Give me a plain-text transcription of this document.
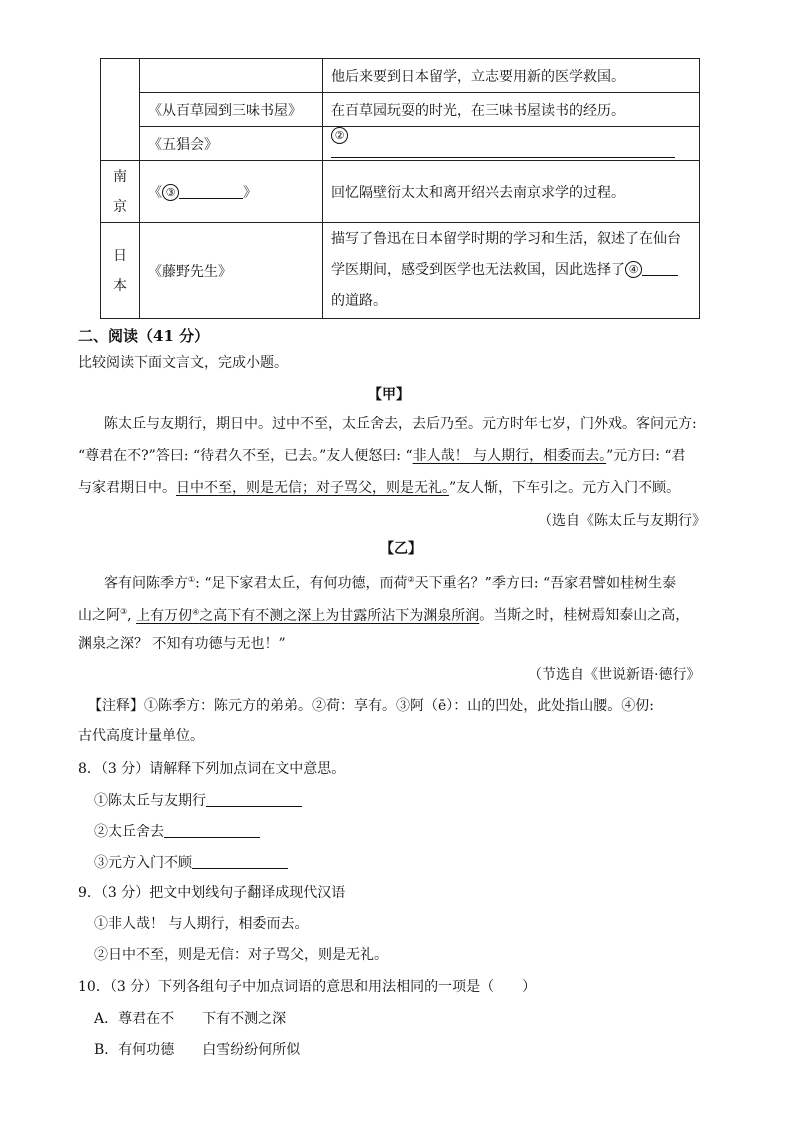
		他后来要到日本留学，立志要用新的医学救国。
	《从百草园到三味书屋》	在百草园玩耍的时光，在三味书屋读书的经历。
	《五猖会》	②

南京	《 ③ 》	回忆隔壁衍太太和离开绍兴去南京求学的过程。

日本	《藤野先生》	描写了鲁迅在日本留学时期的学习和生活，叙述了在仙台
学医期间，感受到医学也无法救国，因此选择了 ④
的道路。
二、阅读（41 分）
比较阅读下面文言文，完成小题。
【甲】
陈太丘与友期行，期日中。过中不至，太丘舍去，去后乃至。元方时年七岁，门外戏。客问元方:
“尊君在不?”答曰: “待君久不至，已去。”友人便怒曰: “非人哉！ 与人期行，相委而去。”元方曰: “君
与家君期日中。日中不至，则是无信；对子骂父，则是无礼。”友人惭，下车引之。元方入门不顾。
（选自《陈太丘与友期行》
【乙】
客有问陈季方①: “足下家君太丘，有何功德，而荷②天下重名？”季方曰: “吾家君譬如桂树生泰
山之阿③, 上有万仞④之高下有不测之深上为甘露所沾下为渊泉所润。当斯之时，桂树焉知泰山之高，
渊泉之深？ 不知有功德与无也！”
（节选自《世说新语·德行》
【注释】①陈季方：陈元方的弟弟。②荷：享有。③阿（ē）：山的凹处，此处指山腰。④仞:
古代高度计量单位。
8．（3 分）请解释下列加点词在文中意思。
①陈太丘与友期行
②太丘舍去
③元方入门不顾
9．（3 分）把文中划线句子翻译成现代汉语
①非人哉！ 与人期行，相委而去。
②日中不至，则是无信：对子骂父，则是无礼。
10．（3 分）下列各组句子中加点词语的意思和用法相同的一项是（　　）
A．尊君在不 下有不测之深
B．有何功德 白雪纷纷何所似
